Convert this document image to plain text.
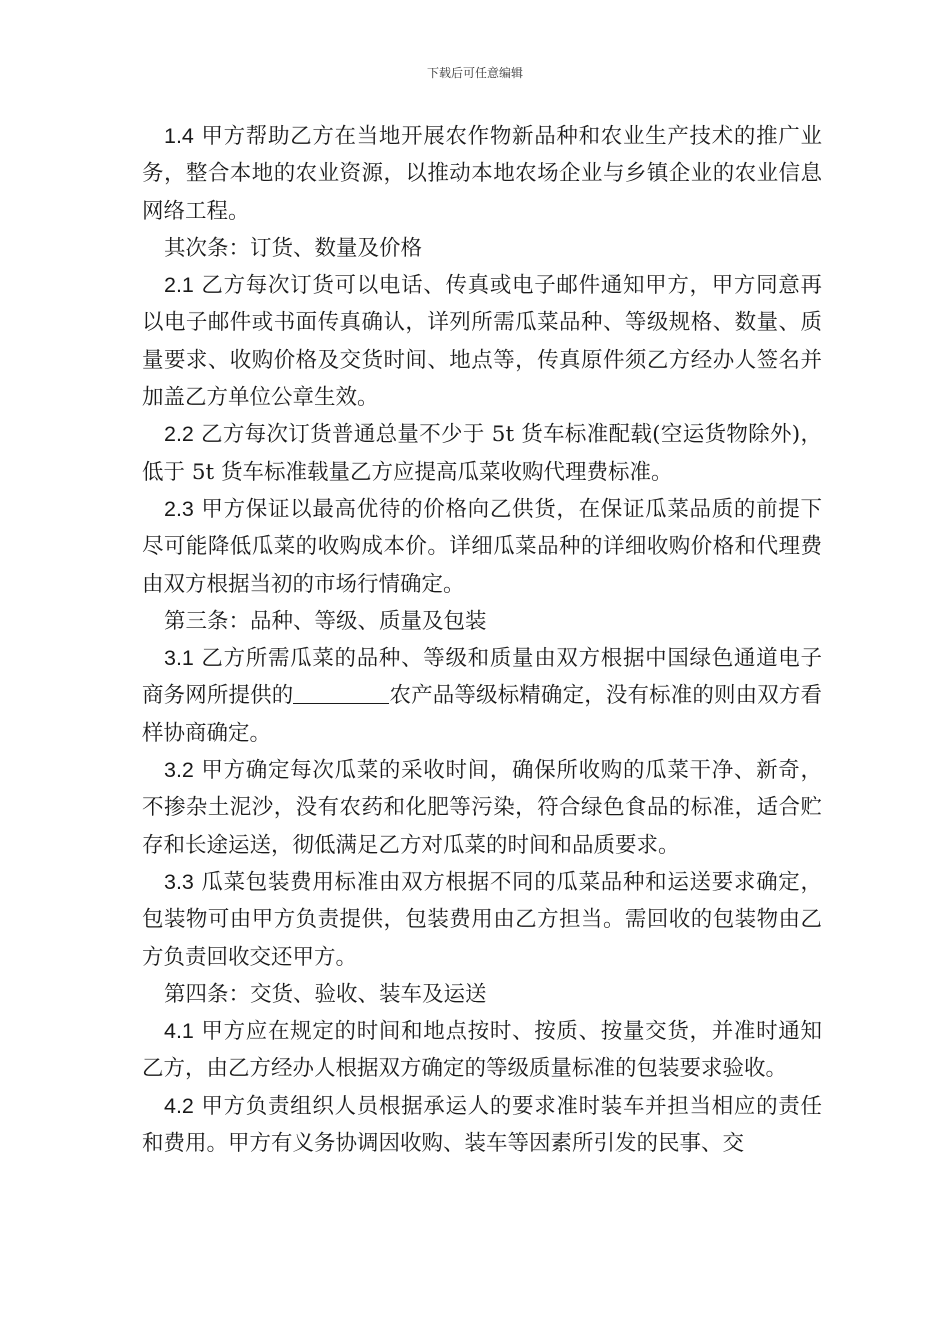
下载后可任意编辑

1.4 甲方帮助乙方在当地开展农作物新品种和农业生产技术的推广业务，整合本地的农业资源，以推动本地农场企业与乡镇企业的农业信息网络工程。

其次条：订货、数量及价格

2.1 乙方每次订货可以电话、传真或电子邮件通知甲方，甲方同意再以电子邮件或书面传真确认，详列所需瓜菜品种、等级规格、数量、质量要求、收购价格及交货时间、地点等，传真原件须乙方经办人签名并加盖乙方单位公章生效。

2.2 乙方每次订货普通总量不少于 5t 货车标准配载(空运货物除外)，低于 5t 货车标准载量乙方应提高瓜菜收购代理费标准。

2.3 甲方保证以最高优待的价格向乙供货，在保证瓜菜品质的前提下尽可能降低瓜菜的收购成本价。详细瓜菜品种的详细收购价格和代理费由双方根据当初的市场行情确定。

第三条：品种、等级、质量及包装

3.1 乙方所需瓜菜的品种、等级和质量由双方根据中国绿色通道电子商务网所提供的	农产品等级标精确定，没有标准的则由双方看样协商确定。

3.2 甲方确定每次瓜菜的采收时间，确保所收购的瓜菜干净、新奇，不掺杂土泥沙，没有农药和化肥等污染，符合绿色食品的标准，适合贮存和长途运送，彻低满足乙方对瓜菜的时间和品质要求。

3.3 瓜菜包装费用标准由双方根据不同的瓜菜品种和运送要求确定，包装物可由甲方负责提供，包装费用由乙方担当。需回收的包装物由乙方负责回收交还甲方。

第四条：交货、验收、装车及运送

4.1 甲方应在规定的时间和地点按时、按质、按量交货，并准时通知乙方，由乙方经办人根据双方确定的等级质量标准的包装要求验收。

4.2 甲方负责组织人员根据承运人的要求准时装车并担当相应的责任和费用。甲方有义务协调因收购、装车等因素所引发的民事、交
